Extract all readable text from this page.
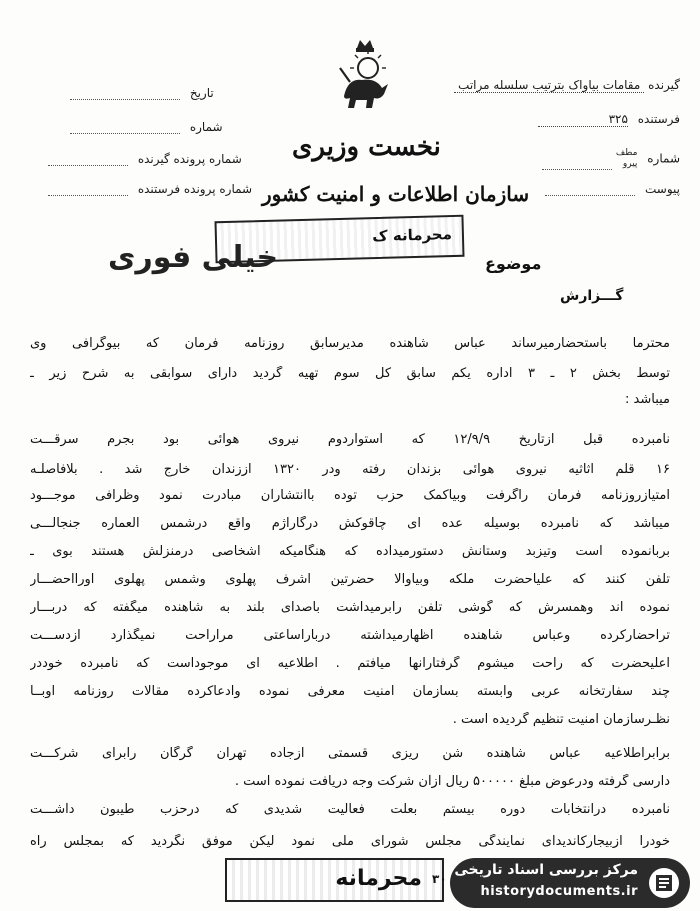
گیرنده مقامات بیاواک بترتیب سلسله مراتب
فرستنده ۳۲۵
شماره
مطف
پیرو

پیوست
تاریخ
شماره
شماره پرونده گیرنده
شماره پرونده فرستنده
نخست وزیری
سازمان اطلاعات و امنیت کشور
محرمانه ک
خیلی فوری	موضوع
گـــزارش
محترما باستحضارمیرساند عباس شاهنده مدیرسابق روزنامه فرمان که بیوگرافی وی
توسط بخش ۲ ـ ۳ اداره یکم سابق کل سوم تهیه گردید دارای سوابقی به شرح زیر ـ
میباشد :
نامبرده قبل ازتاریخ ۱۲/۹/۹ که استواردوم نیروی هوائی بود بجرم سرقـــت
۱۶ قلم اثاثیه نیروی هوائی بزندان رفته ودر ۱۳۲۰ اززندان خارج شد . بلافاصلـه
امتیازروزنامه فرمان راگرفت وبیاکمک حزب توده باانتشارآن مبادرت نمود وظرافی موجـــود
میباشد که نامبرده بوسیله عده ای چاقوکش درگاراژم واقع درشمس العماره جنجالـــی
بربانموده است وتیزبد وستانش دستورمیداده که هنگامیکه اشخاصی درمنزلش هستند بوی ـ
تلفن کنند که علیاحضرت ملکه وبیاوالا حضرتین اشرف پهلوی وشمس پهلوی اورااحضـــار
نموده اند وهمسرش که گوشی تلفن رابرمیداشت باصدای بلند به شاهنده میگفته که دربـــار
تراحضارکرده وعباس شاهنده اظهارمیداشته درباراساعتی مراراحت نمیگذارد ازدســـت
اعلیحضرت که راحت میشوم گرفتارانها میافتم . اطلاعیه ای موجوداست که نامبرده خوددر
چند سفارتخانه عربی وابسته بسازمان امنیت معرفی نموده وادعاکرده مقالات روزنامه اوبــا
نظـرسازمان امنیت تنظیم گردیده است .
برابراطلاعیه عباس شاهنده شن ریزی قسمتی ازجاده تهران گرگان رابرای شرکـــت
دارسی گرفته ودرعوض مبلغ ۵۰۰۰۰۰ ریال ازآن شرکت وجه دریافت نموده است .
نامبرده درانتخابات دوره بیستم بعلت فعالیت شدیدی که درحزب طیبون داشـــت
خودرا ازبیجارکاندیدای نمایندگی مجلس شورای ملی نمود لیکن موفق نگردید که بمجلس راه
محرمانه ۳۰
مرکز بررسی اسناد تاریخی
historydocuments.ir
